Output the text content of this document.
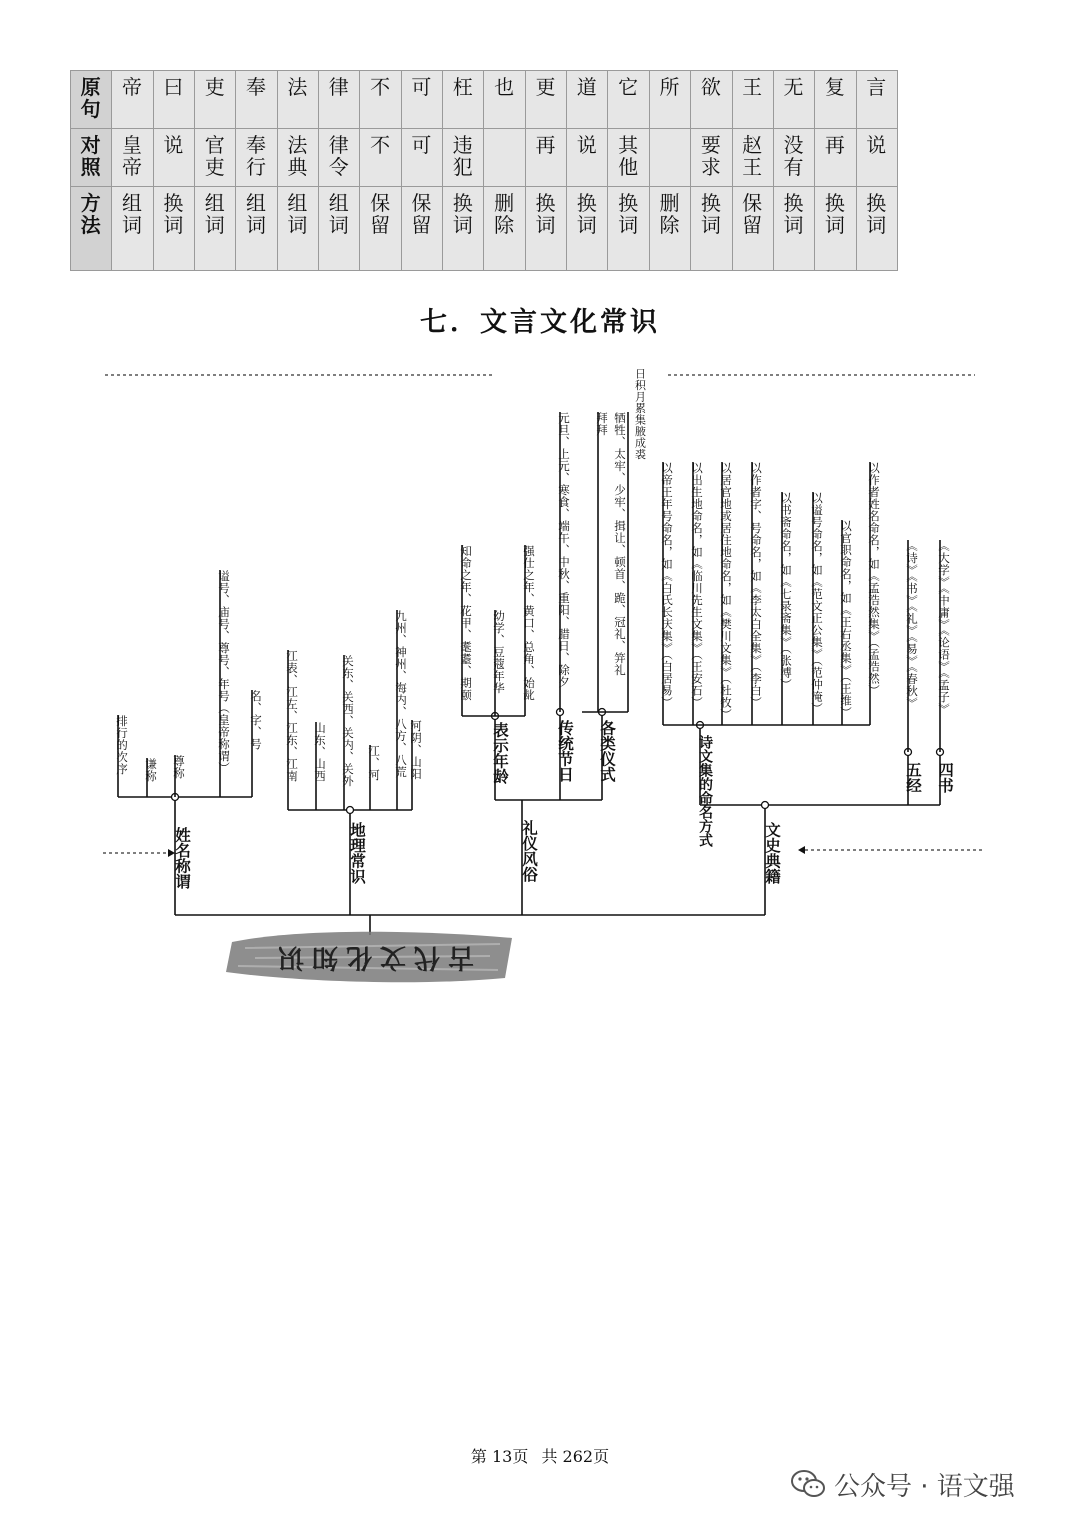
原句	帝	曰	吏	奉	法	律	不	可	枉	也	更	道	它	所	欲	王	无	复	言
对照	皇帝	说	官吏	奉行	法典	律令	不	可	违犯		再	说	其他		要求	赵王	没有	再	说
方法	组词	换词	组词	组词	组词	组词	保留	保留	换词	删除	换词	换词	换词	删除	换词	保留	换词	换词	换词
七．文言文化常识
日积月累集腋成裘
姓名称谓
排行的次序 谦称 尊称	谥号、庙号、尊号、年号（皇帝称谓） 名、字、号
地理常识
江表、江左、江东、江南 山东、山西 关东、关西、关内、关外 江、河 九州、神州、海内、八方、八荒 河阴、山阳
礼仪风俗
表示年龄	传统节日 各类仪式
知命之年、花甲、耄耋、期颐 幼学、豆蔻年华 强仕之年、黄口、总角、始龀 元旦、上元、寒食、端午、中秋、重阳、腊日、除夕 拜拜 牺牲、太牢、少牢、揖让、顿首、跪、冠礼、笄礼
文史典籍
诗文集的命名方式	五经 四书
以帝王年号命名，如《白氏长庆集》（白居易） 以出生地命名，如《临川先生文集》（王安石） 以居官地或居住地命名，如《樊川文集》（杜牧） 以作者字、号命名，如《李太白全集》（李白） 以书斋命名，如《七录斋集》（张溥） 以谥号命名，如《范文正公集》（范仲淹） 以官职命名，如《王右丞集》（王维） 以作者姓名命名，如《孟浩然集》（孟浩然） 《诗》《书》《礼》《易》《春秋》 《大学》《中庸》《论语》《孟子》
古代文化知识
第 13页 共 262页
公众号 · 语文强
